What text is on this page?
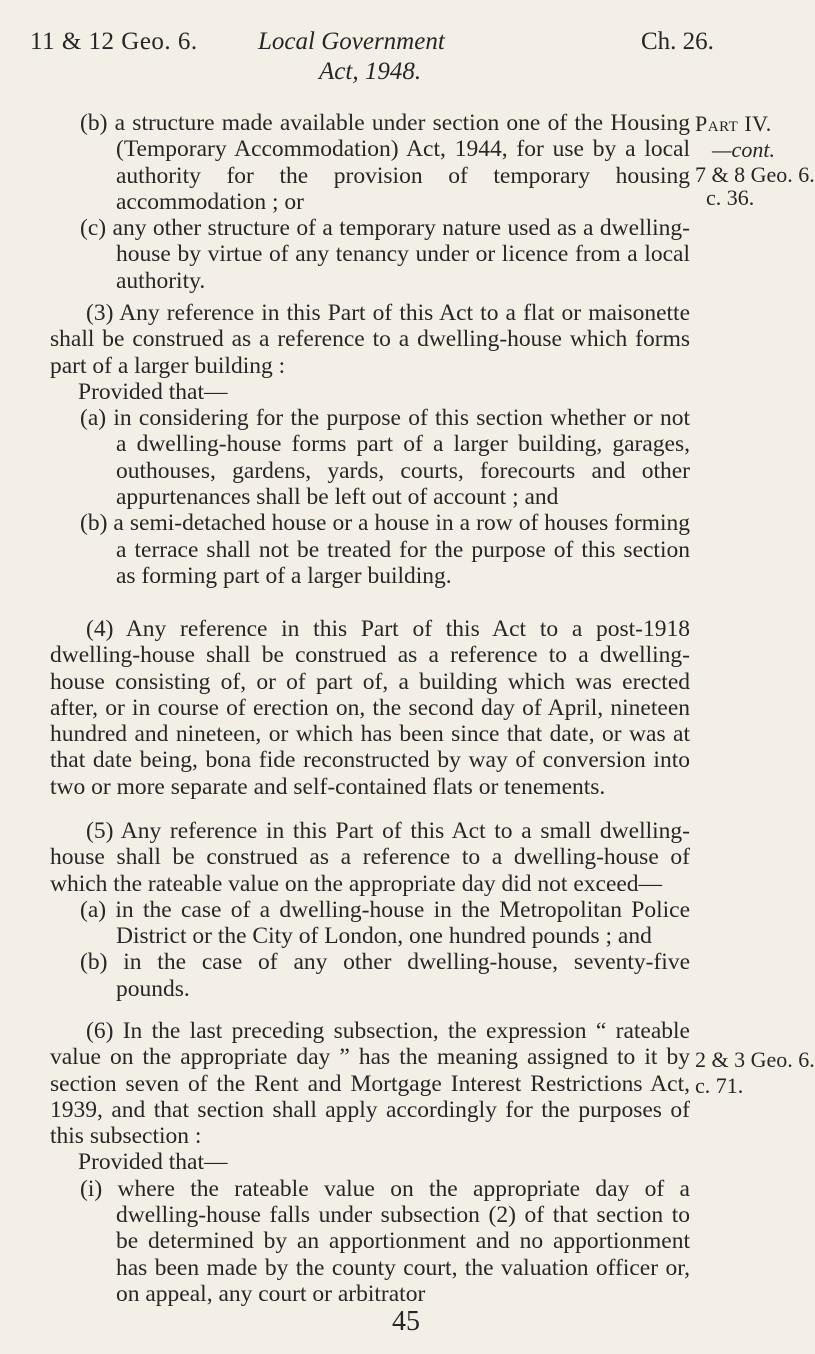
11 & 12 Geo. 6. Local Government	Ch. 26.
Act, 1948.
Part IV.
—cont.
7 & 8 Geo. 6.
c. 36.
2 & 3 Geo. 6.
c. 71.

(b) a structure made available under section one of the Housing (Temporary Accommodation) Act, 1944, for use by a local authority for the provision of temporary housing accommodation ; or

(c) any other structure of a temporary nature used as a dwelling-house by virtue of any tenancy under or licence from a local authority.

(3) Any reference in this Part of this Act to a flat or maisonette shall be construed as a reference to a dwelling-house which forms part of a larger building :

Provided that—

(a) in considering for the purpose of this section whether or not a dwelling-house forms part of a larger building, garages, outhouses, gardens, yards, courts, forecourts and other appurtenances shall be left out of account ; and

(b) a semi-detached house or a house in a row of houses forming a terrace shall not be treated for the purpose of this section as forming part of a larger building.

(4) Any reference in this Part of this Act to a post-1918 dwelling-house shall be construed as a reference to a dwelling-house consisting of, or of part of, a building which was erected after, or in course of erection on, the second day of April, nineteen hundred and nineteen, or which has been since that date, or was at that date being, bona fide reconstructed by way of conversion into two or more separate and self-contained flats or tenements.

(5) Any reference in this Part of this Act to a small dwelling-house shall be construed as a reference to a dwelling-house of which the rateable value on the appropriate day did not exceed—

(a) in the case of a dwelling-house in the Metropolitan Police District or the City of London, one hundred pounds ; and

(b) in the case of any other dwelling-house, seventy-five pounds.

(6) In the last preceding subsection, the expression “ rateable value on the appropriate day ” has the meaning assigned to it by section seven of the Rent and Mortgage Interest Restrictions Act, 1939, and that section shall apply accordingly for the purposes of this subsection :

Provided that—

(i) where the rateable value on the appropriate day of a dwelling-house falls under subsection (2) of that section to be determined by an apportionment and no apportionment has been made by the county court, the valuation officer or, on appeal, any court or arbitrator

45
